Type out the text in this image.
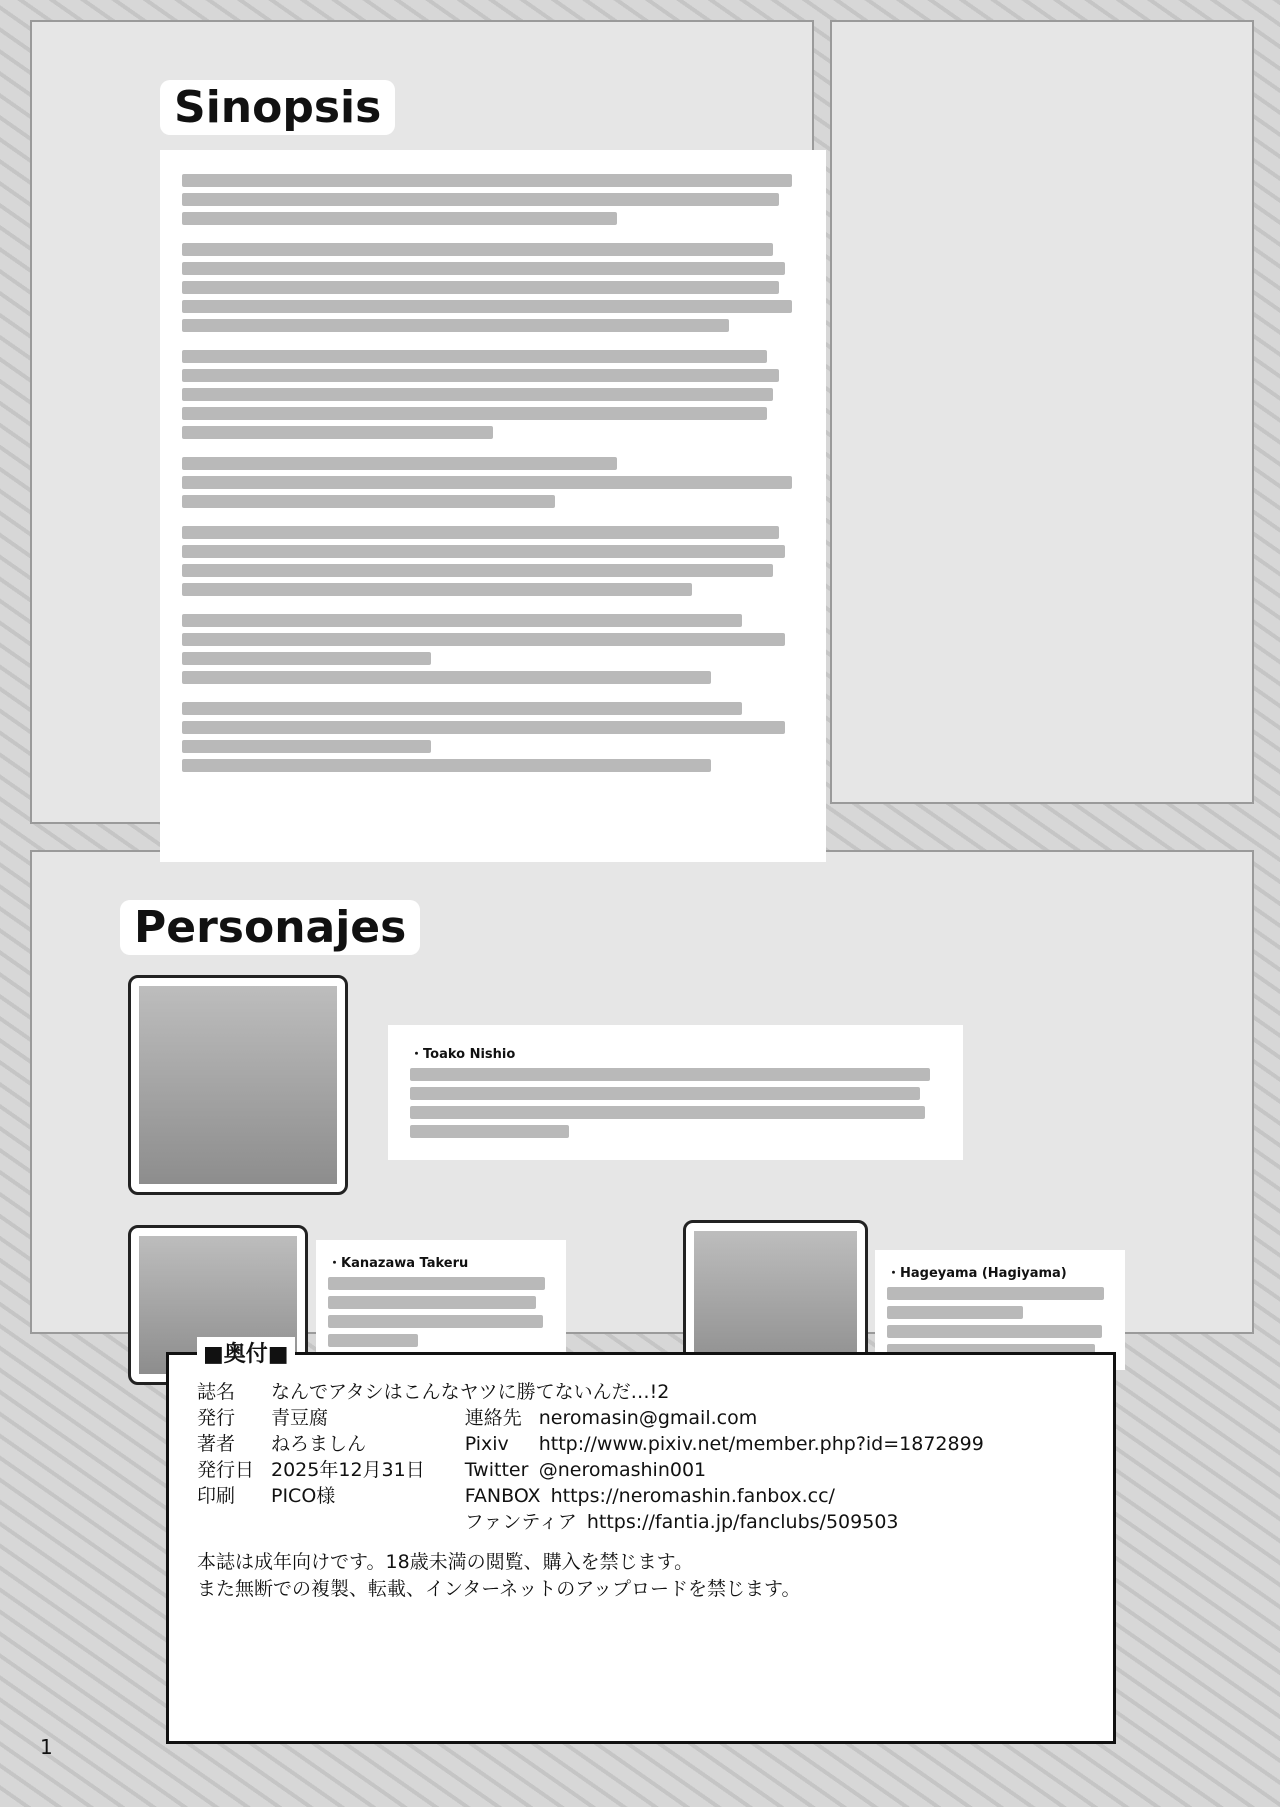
Sinopsis
Personajes
・Toako Nishio
・Kanazawa Takeru
・Hageyama (Hagiyama)
■奥付■
誌名 なんでアタシはこんなヤツに勝てないんだ…!2
発行 青豆腐
著者 ねろましん
発行日 2025年12月31日
印刷 PICO様
連絡先 neromasin@gmail.com
Pixiv http://www.pixiv.net/member.php?id=1872899
Twitter @neromashin001
FANBOX https://neromashin.fanbox.cc/
ファンティア https://fantia.jp/fanclubs/509503
本誌は成年向けです。18歳未満の閲覧、購入を禁じます。
また無断での複製、転載、インターネットのアップロードを禁じます。
1
